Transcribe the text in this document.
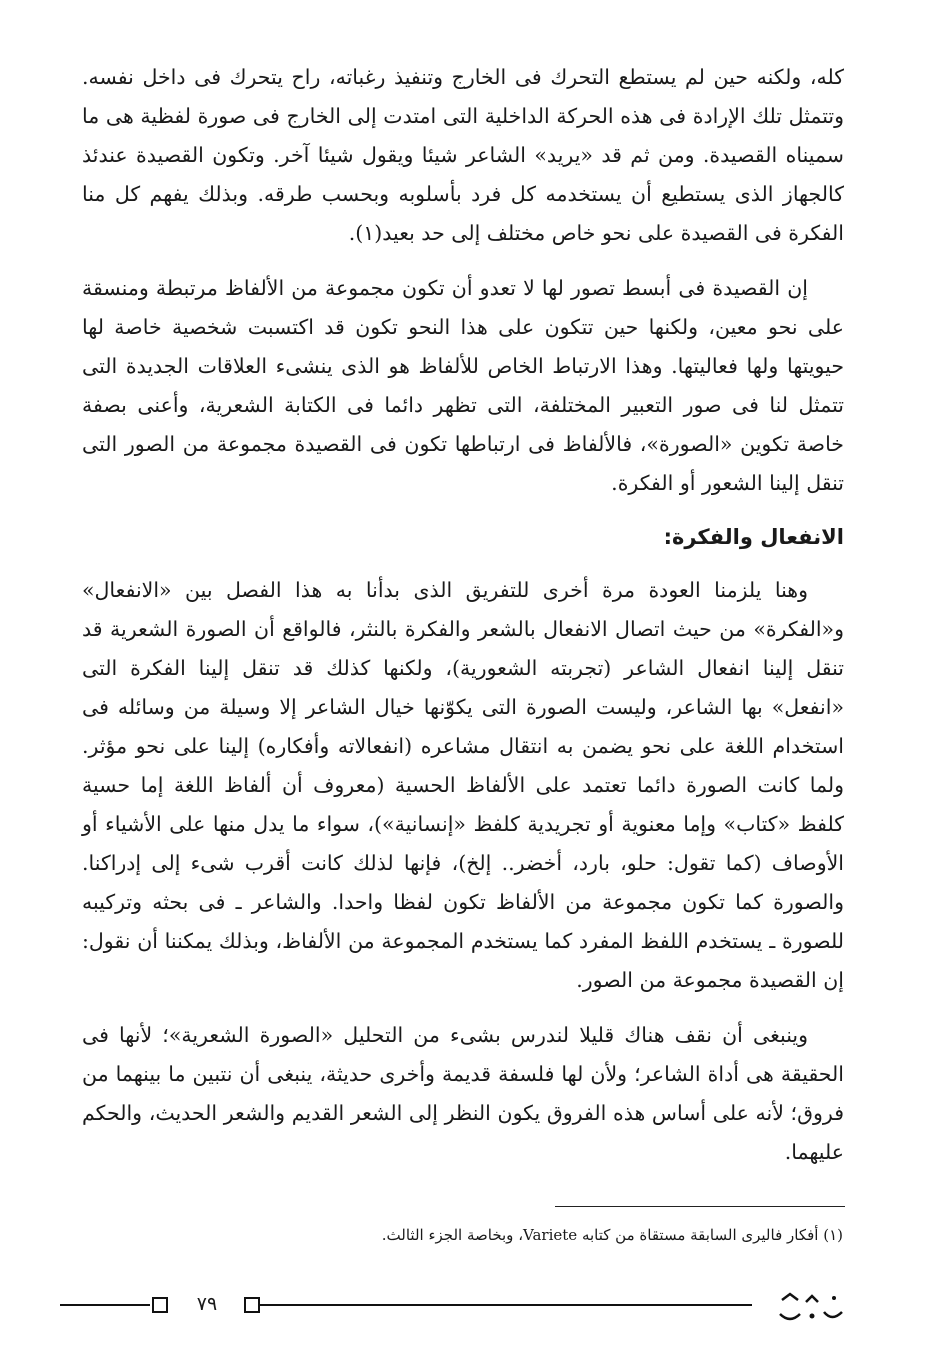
كله، ولكنه حين لم يستطع التحرك فى الخارج وتنفيذ رغباته، راح يتحرك فى داخل نفسه. وتتمثل تلك الإرادة فى هذه الحركة الداخلية التى امتدت إلى الخارج فى صورة لفظية هى ما سميناه القصيدة. ومن ثم قد «يريد» الشاعر شيئا ويقول شيئا آخر. وتكون القصيدة عندئذ كالجهاز الذى يستطيع أن يستخدمه كل فرد بأسلوبه وبحسب طرقه. وبذلك يفهم كل منا الفكرة فى القصيدة على نحو خاص مختلف إلى حد بعيد(١).

إن القصيدة فى أبسط تصور لها لا تعدو أن تكون مجموعة من الألفاظ مرتبطة ومنسقة على نحو معين، ولكنها حين تتكون على هذا النحو تكون قد اكتسبت شخصية خاصة لها حيويتها ولها فعاليتها. وهذا الارتباط الخاص للألفاظ هو الذى ينشىء العلاقات الجديدة التى تتمثل لنا فى صور التعبير المختلفة، التى تظهر دائما فى الكتابة الشعرية، وأعنى بصفة خاصة تكوين «الصورة»، فالألفاظ فى ارتباطها تكون فى القصيدة مجموعة من الصور التى تنقل إلينا الشعور أو الفكرة.

الانفعال والفكرة:

وهنا يلزمنا العودة مرة أخرى للتفريق الذى بدأنا به هذا الفصل بين «الانفعال» و«الفكرة» من حيث اتصال الانفعال بالشعر والفكرة بالنثر، فالواقع أن الصورة الشعرية قد تنقل إلينا انفعال الشاعر (تجربته الشعورية)، ولكنها كذلك قد تنقل إلينا الفكرة التى «انفعل» بها الشاعر، وليست الصورة التى يكوّنها خيال الشاعر إلا وسيلة من وسائله فى استخدام اللغة على نحو يضمن به انتقال مشاعره (انفعالاته وأفكاره) إلينا على نحو مؤثر. ولما كانت الصورة دائما تعتمد على الألفاظ الحسية (معروف أن ألفاظ اللغة إما حسية كلفظ «كتاب» وإما معنوية أو تجريدية كلفظ «إنسانية»)، سواء ما يدل منها على الأشياء أو الأوصاف (كما تقول: حلو، بارد، أخضر.. إلخ)، فإنها لذلك كانت أقرب شىء إلى إدراكنا. والصورة كما تكون مجموعة من الألفاظ تكون لفظا واحدا. والشاعر ـ فى بحثه وتركيبه للصورة ـ يستخدم اللفظ المفرد كما يستخدم المجموعة من الألفاظ، وبذلك يمكننا أن نقول: إن القصيدة مجموعة من الصور.

وينبغى أن نقف هناك قليلا لندرس بشىء من التحليل «الصورة الشعرية»؛ لأنها فى الحقيقة هى أداة الشاعر؛ ولأن لها فلسفة قديمة وأخرى حديثة، ينبغى أن نتبين ما بينهما من فروق؛ لأنه على أساس هذه الفروق يكون النظر إلى الشعر القديم والشعر الحديث، والحكم عليهما.

(١) أفكار فاليرى السابقة مستقاة من كتابه Variete، وبخاصة الجزء الثالث.
٧٩
